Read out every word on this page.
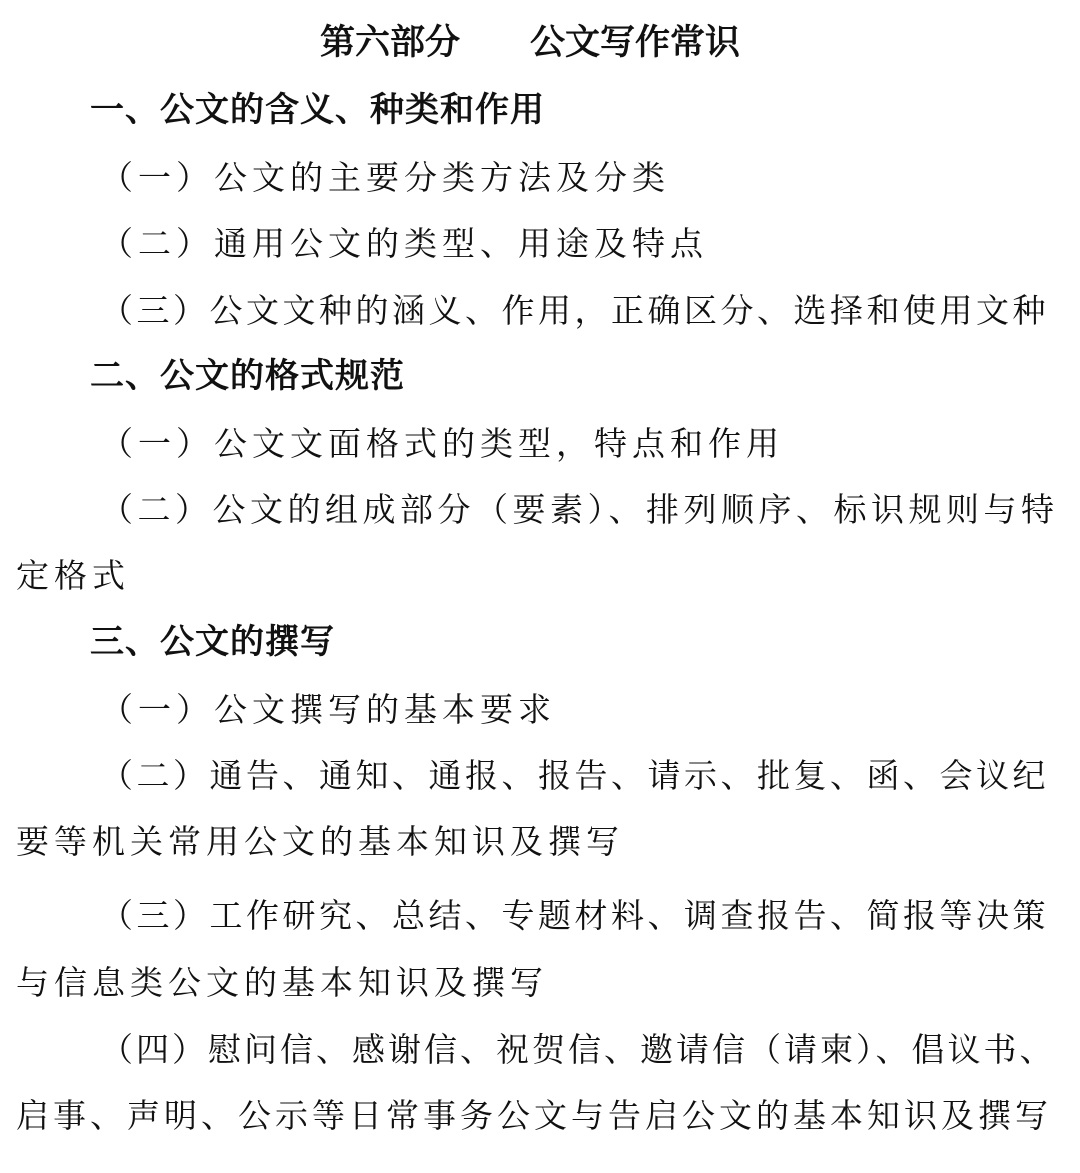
第六部分　　公文写作常识
一、公文的含义、种类和作用
（一）公文的主要分类方法及分类
（二）通用公文的类型、用途及特点
（三）公文文种的涵义、作用，正确区分、选择和使用文种
二、公文的格式规范
（一）公文文面格式的类型，特点和作用
（二）公文的组成部分（要素）、排列顺序、标识规则与特
定格式
三、公文的撰写
（一）公文撰写的基本要求
（二）通告、通知、通报、报告、请示、批复、函、会议纪
要等机关常用公文的基本知识及撰写
（三）工作研究、总结、专题材料、调查报告、简报等决策
与信息类公文的基本知识及撰写
（四）慰问信、感谢信、祝贺信、邀请信（请柬）、倡议书、
启事、声明、公示等日常事务公文与告启公文的基本知识及撰写
